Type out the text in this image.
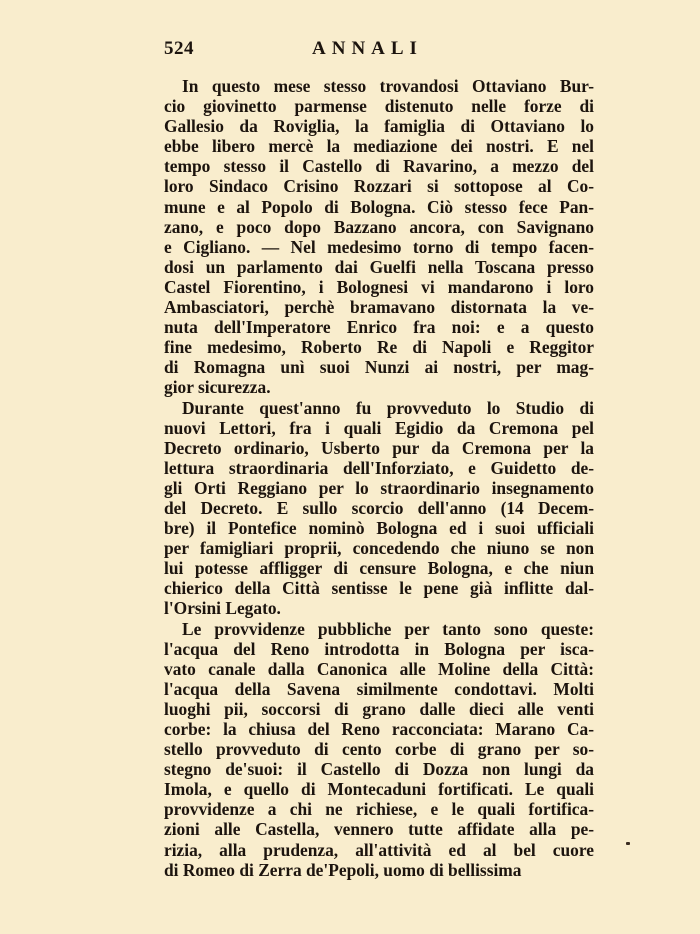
524	ANNALI
In questo mese stesso trovandosi Ottaviano Bur-
cio giovinetto parmense distenuto nelle forze di
Gallesio da Roviglia, la famiglia di Ottaviano lo
ebbe libero mercè la mediazione dei nostri. E nel
tempo stesso il Castello di Ravarino, a mezzo del
loro Sindaco Crisino Rozzari si sottopose al Co-
mune e al Popolo di Bologna. Ciò stesso fece Pan-
zano, e poco dopo Bazzano ancora, con Savignano
e Cigliano. — Nel medesimo torno di tempo facen-
dosi un parlamento dai Guelfi nella Toscana presso
Castel Fiorentino, i Bolognesi vi mandarono i loro
Ambasciatori, perchè bramavano distornata la ve-
nuta dell'Imperatore Enrico fra noi: e a questo
fine medesimo, Roberto Re di Napoli e Reggitor
di Romagna unì suoi Nunzi ai nostri, per mag-
gior sicurezza.
Durante quest'anno fu provveduto lo Studio di
nuovi Lettori, fra i quali Egidio da Cremona pel
Decreto ordinario, Usberto pur da Cremona per la
lettura straordinaria dell'Inforziato, e Guidetto de-
gli Orti Reggiano per lo straordinario insegnamento
del Decreto. E sullo scorcio dell'anno (14 Decem-
bre) il Pontefice nominò Bologna ed i suoi ufficiali
per famigliari proprii, concedendo che niuno se non
lui potesse affligger di censure Bologna, e che niun
chierico della Città sentisse le pene già inflitte dal-
l'Orsini Legato.
Le provvidenze pubbliche per tanto sono queste:
l'acqua del Reno introdotta in Bologna per isca-
vato canale dalla Canonica alle Moline della Città:
l'acqua della Savena similmente condottavi. Molti
luoghi pii, soccorsi di grano dalle dieci alle venti
corbe: la chiusa del Reno racconciata: Marano Ca-
stello provveduto di cento corbe di grano per so-
stegno de'suoi: il Castello di Dozza non lungi da
Imola, e quello di Montecaduni fortificati. Le quali
provvidenze a chi ne richiese, e le quali fortifica-
zioni alle Castella, vennero tutte affidate alla pe-
rizia, alla prudenza, all'attività ed al bel cuore
di Romeo di Zerra de'Pepoli, uomo di bellissima
